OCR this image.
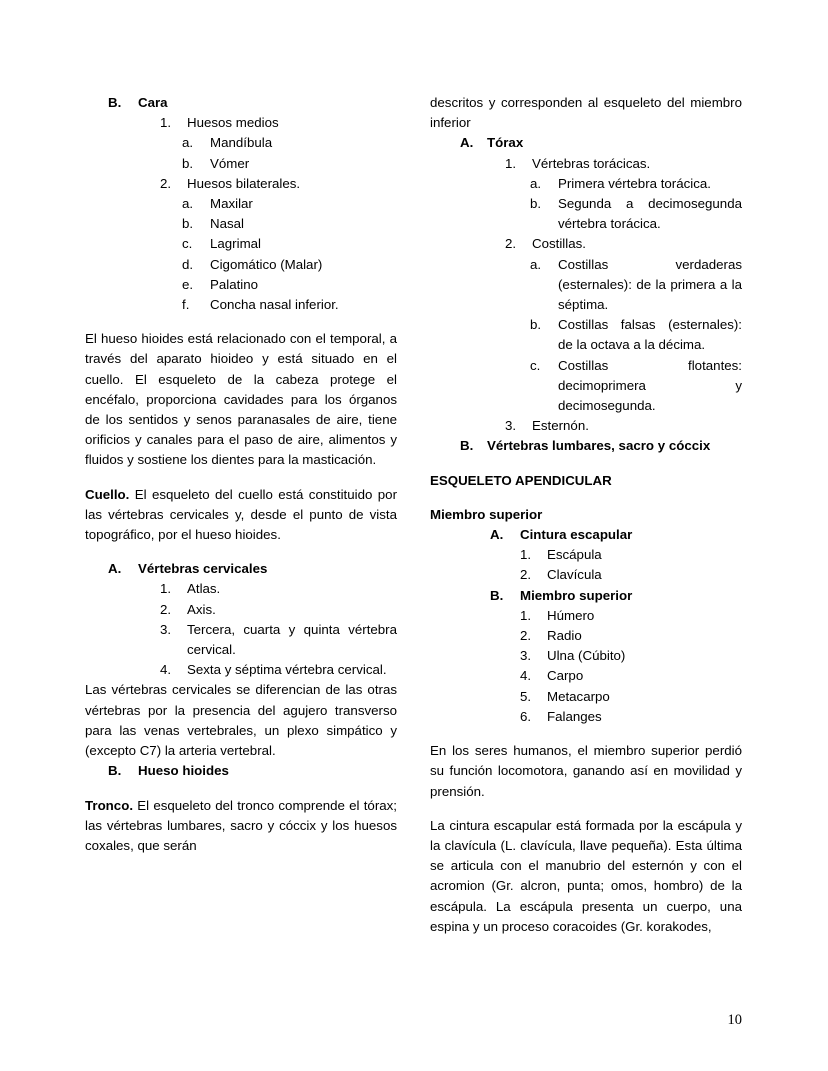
B.	Cara
1.	Huesos medios
a.	Mandíbula
b.	Vómer
2.	Huesos bilaterales.
a.	Maxilar
b.	Nasal
c.	Lagrimal
d.	Cigomático (Malar)
e.	Palatino
f.	Concha nasal inferior.

El hueso hioides está relacionado con el temporal, a través del aparato hioideo y está situado en el cuello. El esqueleto de la cabeza protege el encéfalo, proporciona cavidades para los órganos de los sentidos y senos paranasales de aire, tiene orificios y canales para el paso de aire, alimentos y fluidos y sostiene los dientes para la masticación.

Cuello. El esqueleto del cuello está constituido por las vértebras cervicales y, desde el punto de vista topográfico, por el hueso hioides.

A.	Vértebras cervicales
1.	Atlas.
2.	Axis.
3.	Tercera, cuarta y quinta vértebra cervical.
4.	Sexta y séptima vértebra cervical.

Las vértebras cervicales se diferencian de las otras vértebras por la presencia del agujero transverso para las venas vertebrales, un plexo simpático y (excepto C7) la arteria vertebral.

B.	Hueso hioides

Tronco. El esqueleto del tronco comprende el tórax; las vértebras lumbares, sacro y cóccix y los huesos coxales, que serán

descritos y corresponden al esqueleto del miembro inferior

A.	Tórax
1.	Vértebras torácicas.
a.	Primera vértebra torácica.
b.	Segunda a decimosegunda vértebra torácica.
2.	Costillas.
a.	Costillas verdaderas (esternales): de la primera a la séptima.
b.	Costillas falsas (esternales): de la octava a la décima.
c.	Costillas flotantes: decimoprimera y decimosegunda.
3.	Esternón.
B.	Vértebras lumbares, sacro y cóccix

ESQUELETO APENDICULAR

Miembro superior

A.	Cintura escapular
1.	Escápula
2.	Clavícula
B.	Miembro superior
1.	Húmero
2.	Radio
3.	Ulna (Cúbito)
4.	Carpo
5.	Metacarpo
6.	Falanges

En los seres humanos, el miembro superior perdió su función locomotora, ganando así en movilidad y prensión.

La cintura escapular está formada por la escápula y la clavícula (L. clavícula, llave pequeña). Esta última se articula con el manubrio del esternón y con el acromion (Gr. alcron, punta; omos, hombro) de la escápula. La escápula presenta un cuerpo, una espina y un proceso coracoides (Gr. korakodes,

10
